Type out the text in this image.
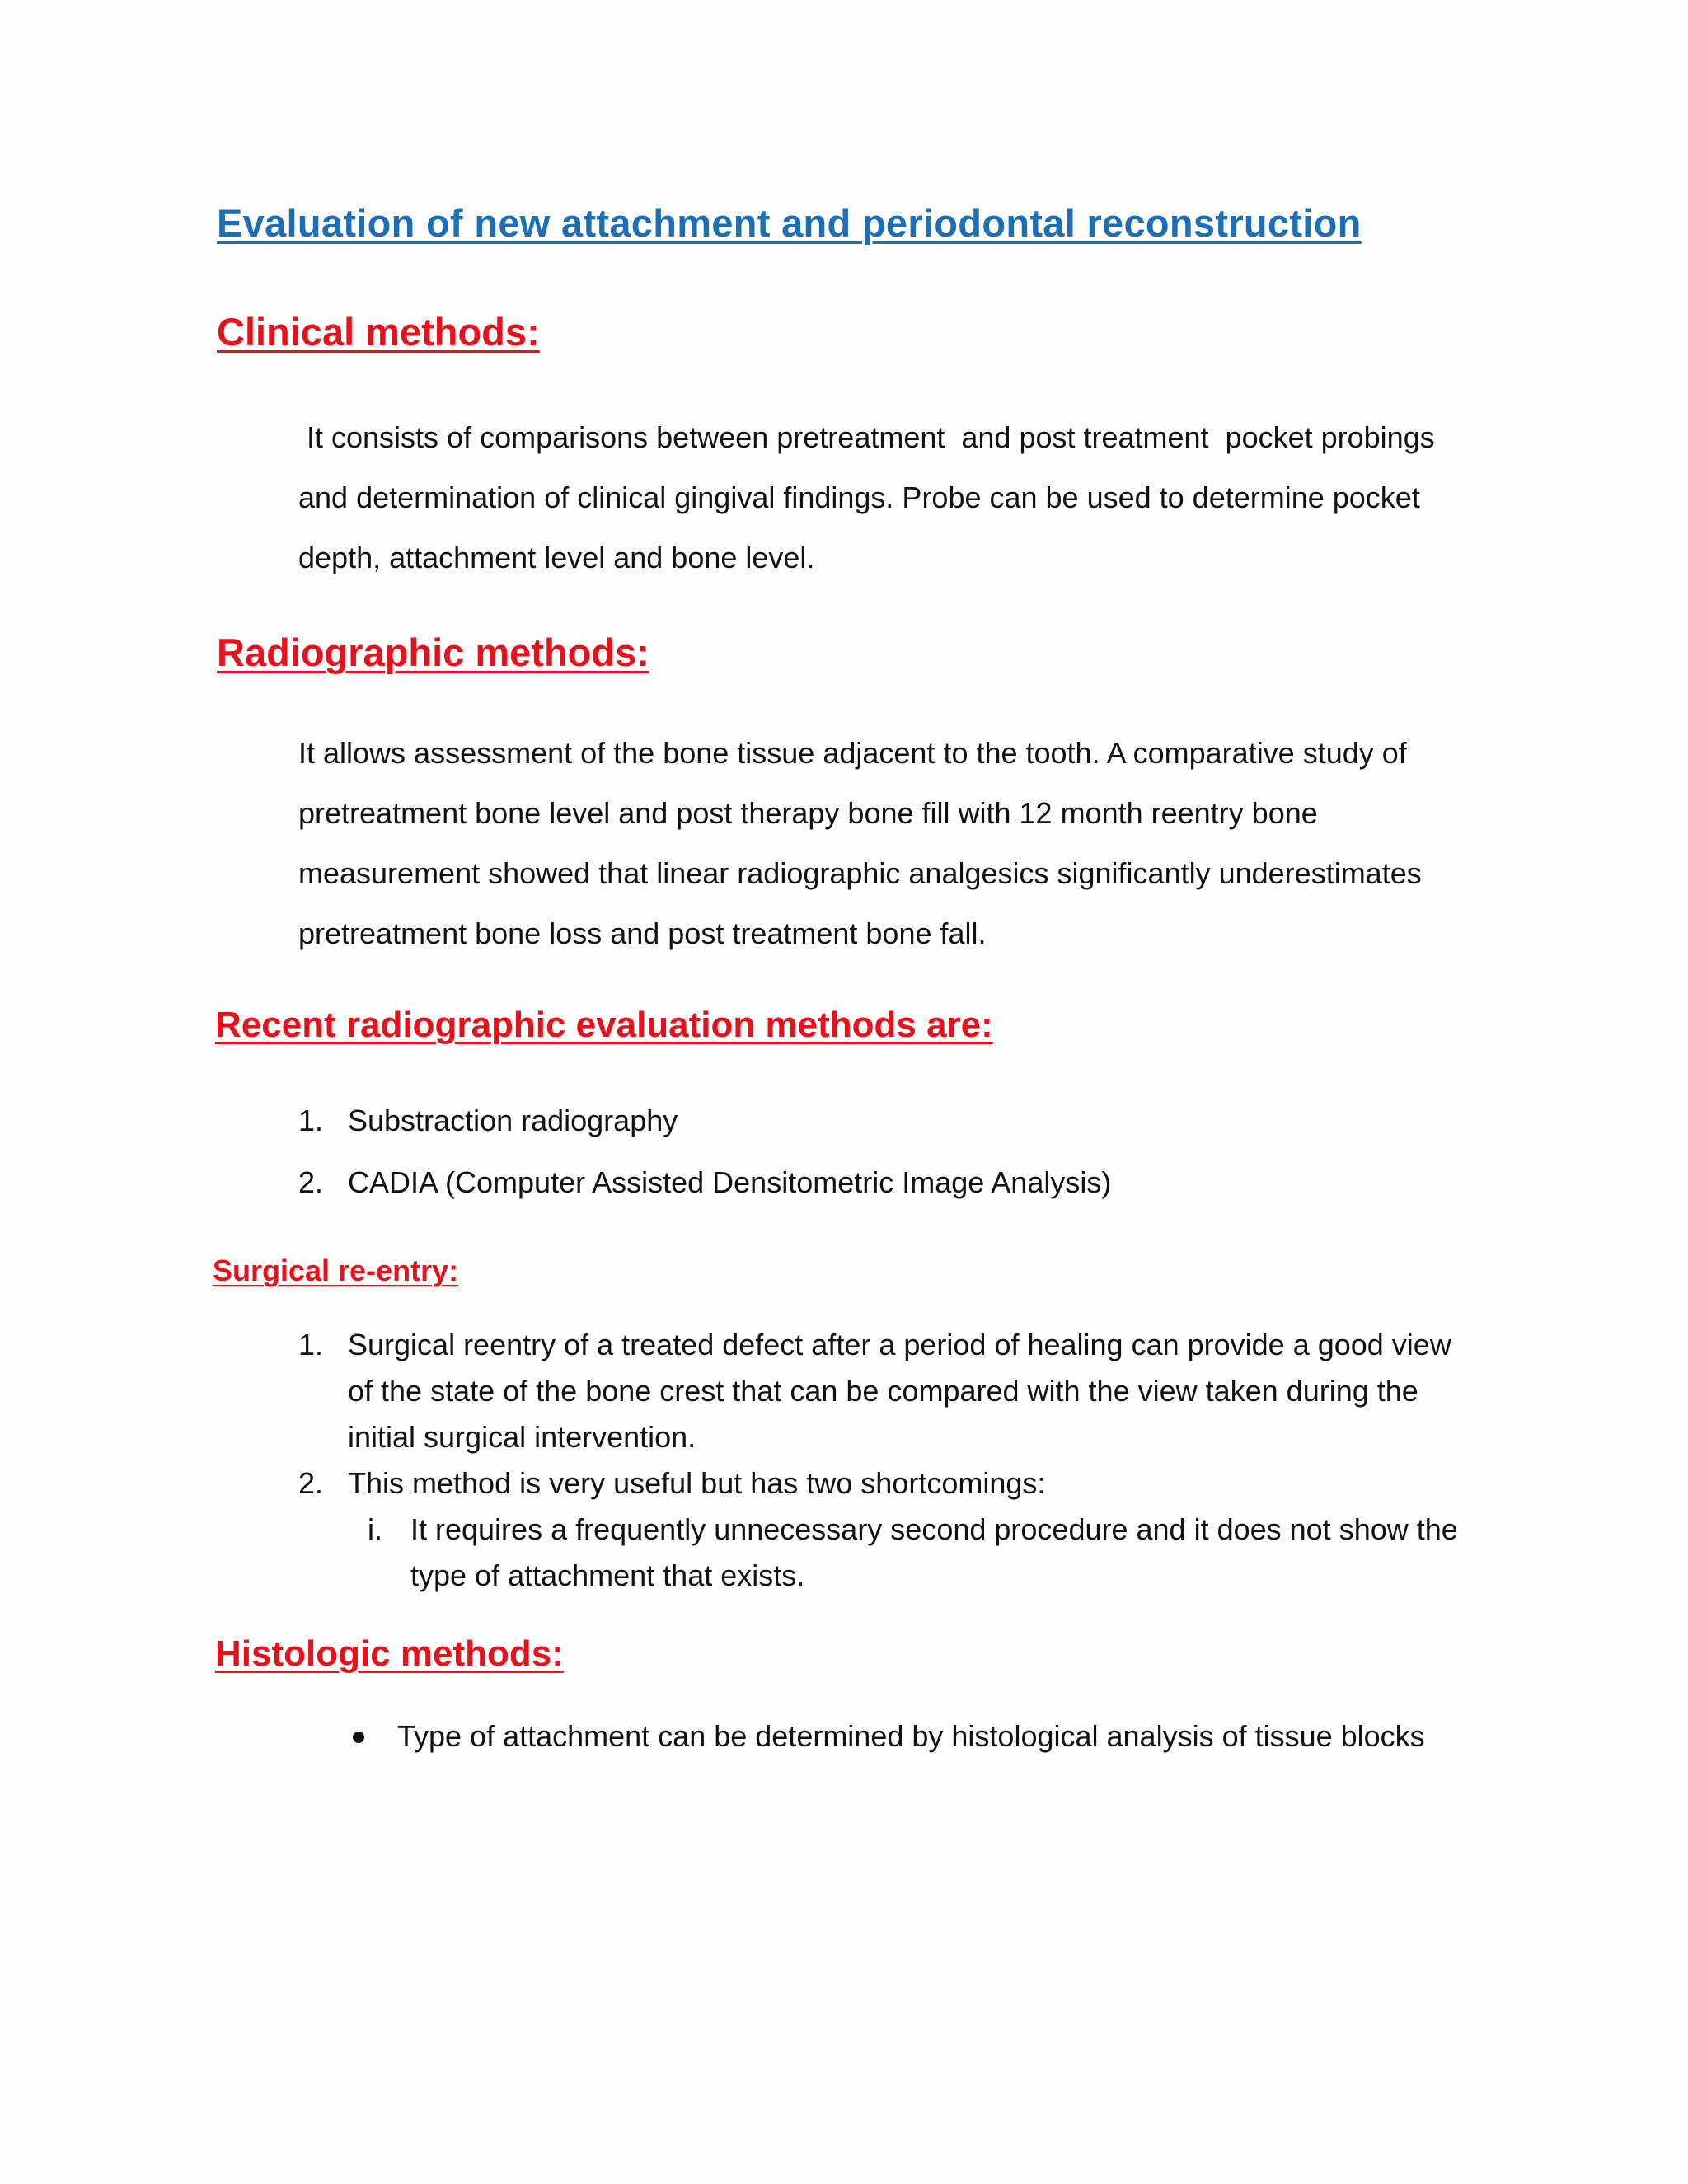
Evaluation of new attachment and periodontal reconstruction
Clinical methods:
It consists of comparisons between pretreatment  and post treatment  pocket probings
and determination of clinical gingival findings. Probe can be used to determine pocket
depth, attachment level and bone level.
Radiographic methods:
It allows assessment of the bone tissue adjacent to the tooth. A comparative study of
pretreatment bone level and post therapy bone fill with 12 month reentry bone
measurement showed that linear radiographic analgesics significantly underestimates
pretreatment bone loss and post treatment bone fall.
Recent radiographic evaluation methods are:
1. Substraction radiography
2. CADIA (Computer Assisted Densitometric Image Analysis)
Surgical re-entry:
1. Surgical reentry of a treated defect after a period of healing can provide a good view
of the state of the bone crest that can be compared with the view taken during the
initial surgical intervention.
2. This method is very useful but has two shortcomings:
i. It requires a frequently unnecessary second procedure and it does not show the type of attachment that exists.
Histologic methods:
Type of attachment can be determined by histological analysis of tissue blocks
